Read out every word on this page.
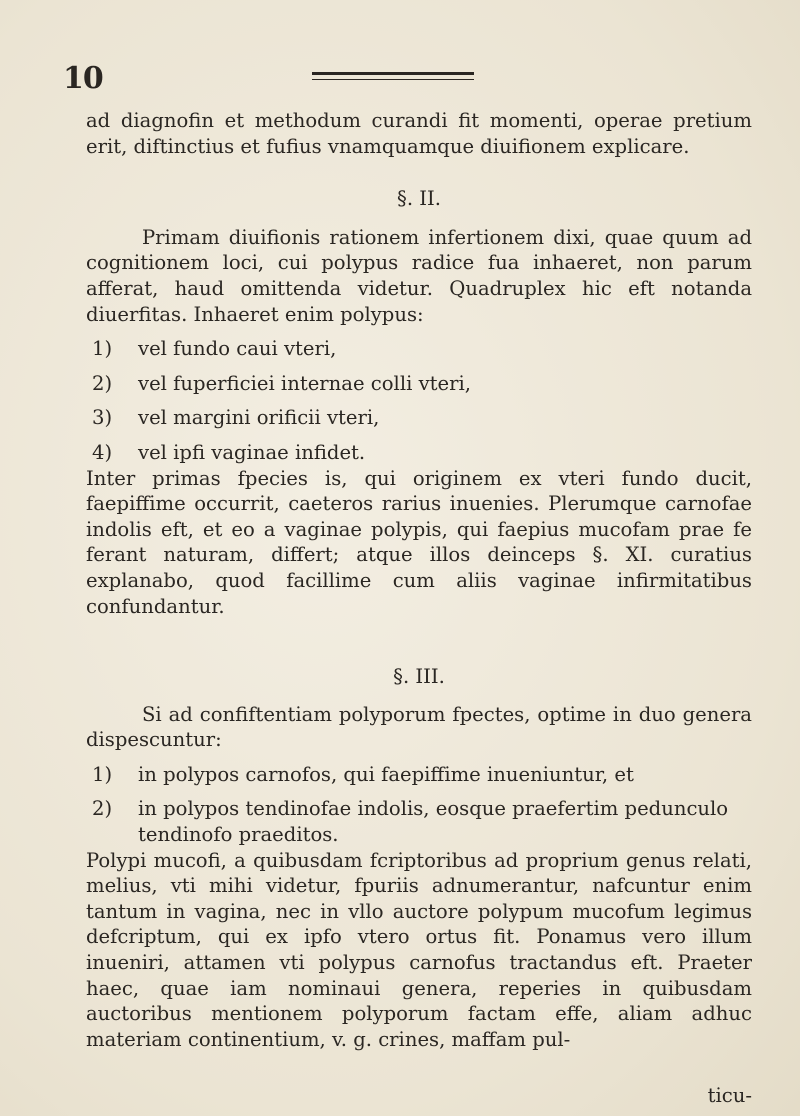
10

ad diagnofin et methodum curandi fit momenti, operae pretium erit, diftinctius et fufius vnamquamque diuifionem explicare.

§. II.

Primam diuifionis rationem infertionem dixi, quae quum ad cognitionem loci, cui polypus radice fua inhaeret, non parum afferat, haud omittenda videtur. Quadruplex hic eft notanda diuerfitas. Inhaeret enim polypus:

1) vel fundo caui vteri,
2) vel fuperficiei internae colli vteri,
3) vel margini orificii vteri,
4) vel ipfi vaginae infidet.

Inter primas fpecies is, qui originem ex vteri fundo ducit, faepiffime occurrit, caeteros rarius inuenies. Plerumque carnofae indolis eft, et eo a vaginae polypis, qui faepius mucofam prae fe ferant naturam, differt; atque illos deinceps §. XI. curatius explanabo, quod facillime cum aliis vaginae infirmitatibus confundantur.

§. III.

Si ad confiftentiam polyporum fpectes, optime in duo genera dispescuntur:

1) in polypos carnofos, qui faepiffime inueniuntur, et
2) in polypos tendinofae indolis, eosque praefertim pedunculo tendinofo praeditos.

Polypi mucofi, a quibusdam fcriptoribus ad proprium genus relati, melius, vti mihi videtur, fpuriis adnumerantur, nafcuntur enim tantum in vagina, nec in vllo auctore polypum mucofum legimus defcriptum, qui ex ipfo vtero ortus fit. Ponamus vero illum inueniri, attamen vti polypus carnofus tractandus eft. Praeter haec, quae iam nominaui genera, reperies in quibusdam auctoribus mentionem polyporum factam effe, aliam adhuc materiam continentium, v. g. crines, maffam pul-

ticu-
